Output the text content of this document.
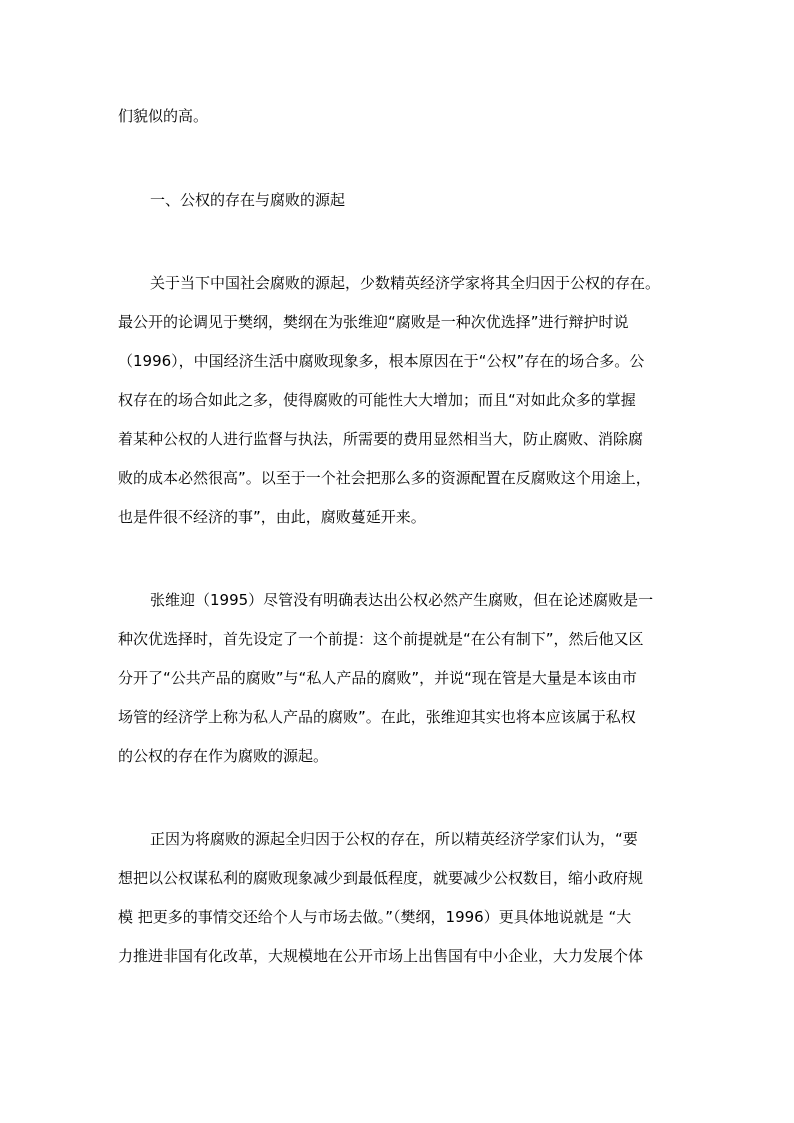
们貌似的高。
一、公权的存在与腐败的源起
关于当下中国社会腐败的源起，少数精英经济学家将其全归因于公权的存在。
最公开的论调见于樊纲，樊纲在为张维迎“腐败是一种次优选择”进行辩护时说
（1996），中国经济生活中腐败现象多，根本原因在于“公权”存在的场合多。公
权存在的场合如此之多，使得腐败的可能性大大增加；而且“对如此众多的掌握
着某种公权的人进行监督与执法，所需要的费用显然相当大，防止腐败、消除腐
败的成本必然很高”。以至于一个社会把那么多的资源配置在反腐败这个用途上，
也是件很不经济的事”，由此，腐败蔓延开来。
张维迎（1995）尽管没有明确表达出公权必然产生腐败，但在论述腐败是一
种次优选择时，首先设定了一个前提：这个前提就是“在公有制下”，然后他又区
分开了“公共产品的腐败”与“私人产品的腐败”，并说“现在管是大量是本该由市
场管的经济学上称为私人产品的腐败”。在此，张维迎其实也将本应该属于私权
的公权的存在作为腐败的源起。
正因为将腐败的源起全归因于公权的存在，所以精英经济学家们认为，“要
想把以公权谋私利的腐败现象减少到最低程度，就要减少公权数目，缩小政府规
模 把更多的事情交还给个人与市场去做。”（樊纲，1996）更具体地说就是 “大
力推进非国有化改革，大规模地在公开市场上出售国有中小企业，大力发展个体
